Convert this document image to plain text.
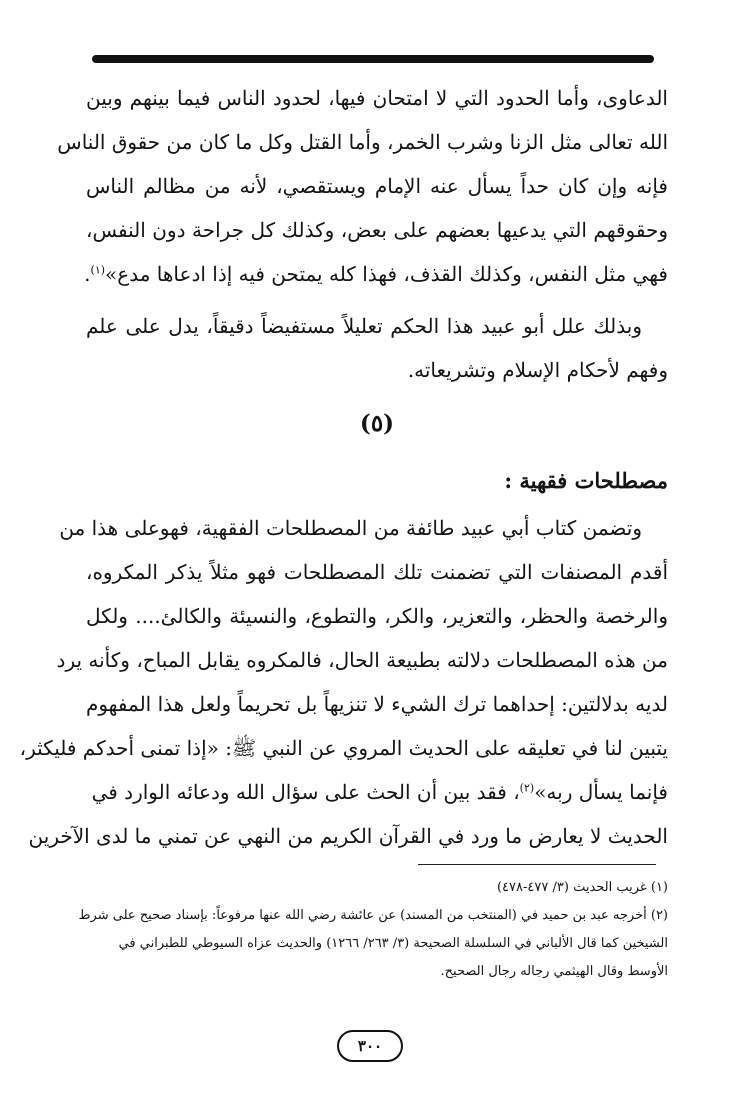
الدعاوى، وأما الحدود التي لا امتحان فيها، لحدود الناس فيما بينهم وبين
الله تعالى مثل الزنا وشرب الخمر، وأما القتل وكل ما كان من حقوق الناس
فإنه وإن كان حداً يسأل عنه الإمام ويستقصي، لأنه من مظالم الناس
وحقوقهم التي يدعيها بعضهم على بعض، وكذلك كل جراحة دون النفس،
فهي مثل النفس، وكذلك القذف، فهذا كله يمتحن فيه إذا ادعاها مدع»$^{(١)}$.
وبذلك علل أبو عبيد هذا الحكم تعليلاً مستفيضاً دقيقاً، يدل على علم
وفهم لأحكام الإسلام وتشريعاته.
(٥)
مصطلحات فقهية :
وتضمن كتاب أبي عبيد طائفة من المصطلحات الفقهية، فهوعلى هذا من
أقدم المصنفات التي تضمنت تلك المصطلحات فهو مثلاً يذكر المكروه،
والرخصة والحظر، والتعزير، والكر، والتطوع، والنسيئة والكالئ.... ولكل
من هذه المصطلحات دلالته بطبيعة الحال، فالمكروه يقابل المباح، وكأنه يرد
لديه بدلالتين: إحداهما ترك الشيء لا تنزيهاً بل تحريماً ولعل هذا المفهوم
يتبين لنا في تعليقه على الحديث المروي عن النبي ﷺ: «إذا تمنى أحدكم فليكثر،
فإنما يسأل ربه»$^{(٢)}$، فقد بين أن الحث على سؤال الله ودعائه الوارد في
الحديث لا يعارض ما ورد في القرآن الكريم من النهي عن تمني ما لدى الآخرين
(١) غريب الحديث (٣/ ٤٧٧-٤٧٨)
(٢) أخرجه عبد بن حميد في (المنتخب من المسند) عن عائشة رضي الله عنها مرفوعاً: بإسناد صحيح على شرط
الشيخين كما قال الألباني في السلسلة الصحيحة (٣/ ٢٦٣/ ١٢٦٦) والحديث عزاه السيوطي للطبراني في
الأوسط وقال الهيثمي رجاله رجال الصحيح.
٣٠٠
